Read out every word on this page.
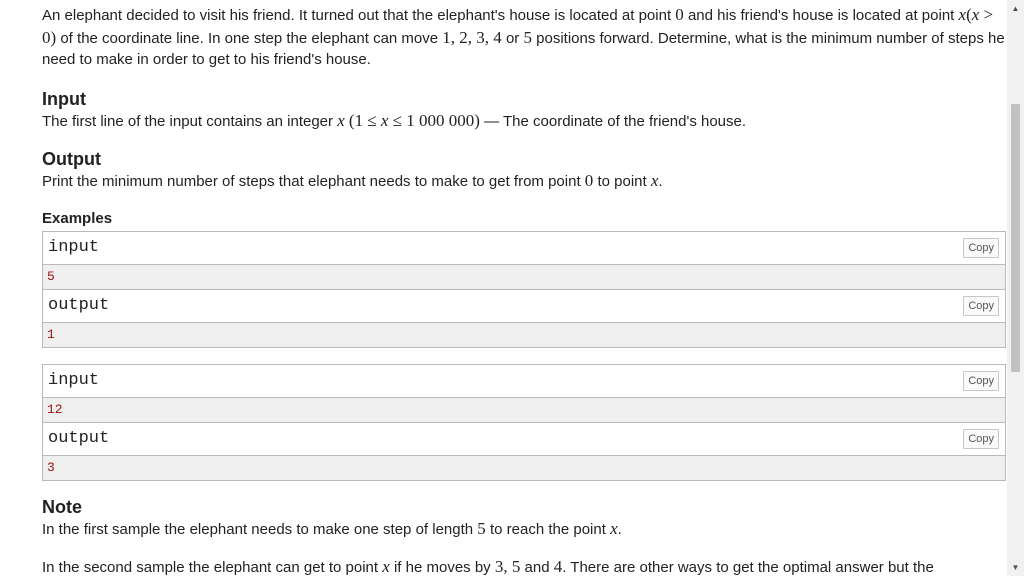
An elephant decided to visit his friend. It turned out that the elephant's house is located at point 0 and his friend's house is located at point x(x > 0) of the coordinate line. In one step the elephant can move 1, 2, 3, 4 or 5 positions forward. Determine, what is the minimum number of steps he need to make in order to get to his friend's house.

Input

The first line of the input contains an integer x (1 ≤ x ≤ 1 000 000) — The coordinate of the friend's house.

Output

Print the minimum number of steps that elephant needs to make to get from point 0 to point x.

Examples
input	Copy
5
output	Copy
1
input	Copy
12
output	Copy
3
Note

In the first sample the elephant needs to make one step of length 5 to reach the point x.

In the second sample the elephant can get to point x if he moves by 3, 5 and 4. There are other ways to get the optimal answer but the

▲
▼
